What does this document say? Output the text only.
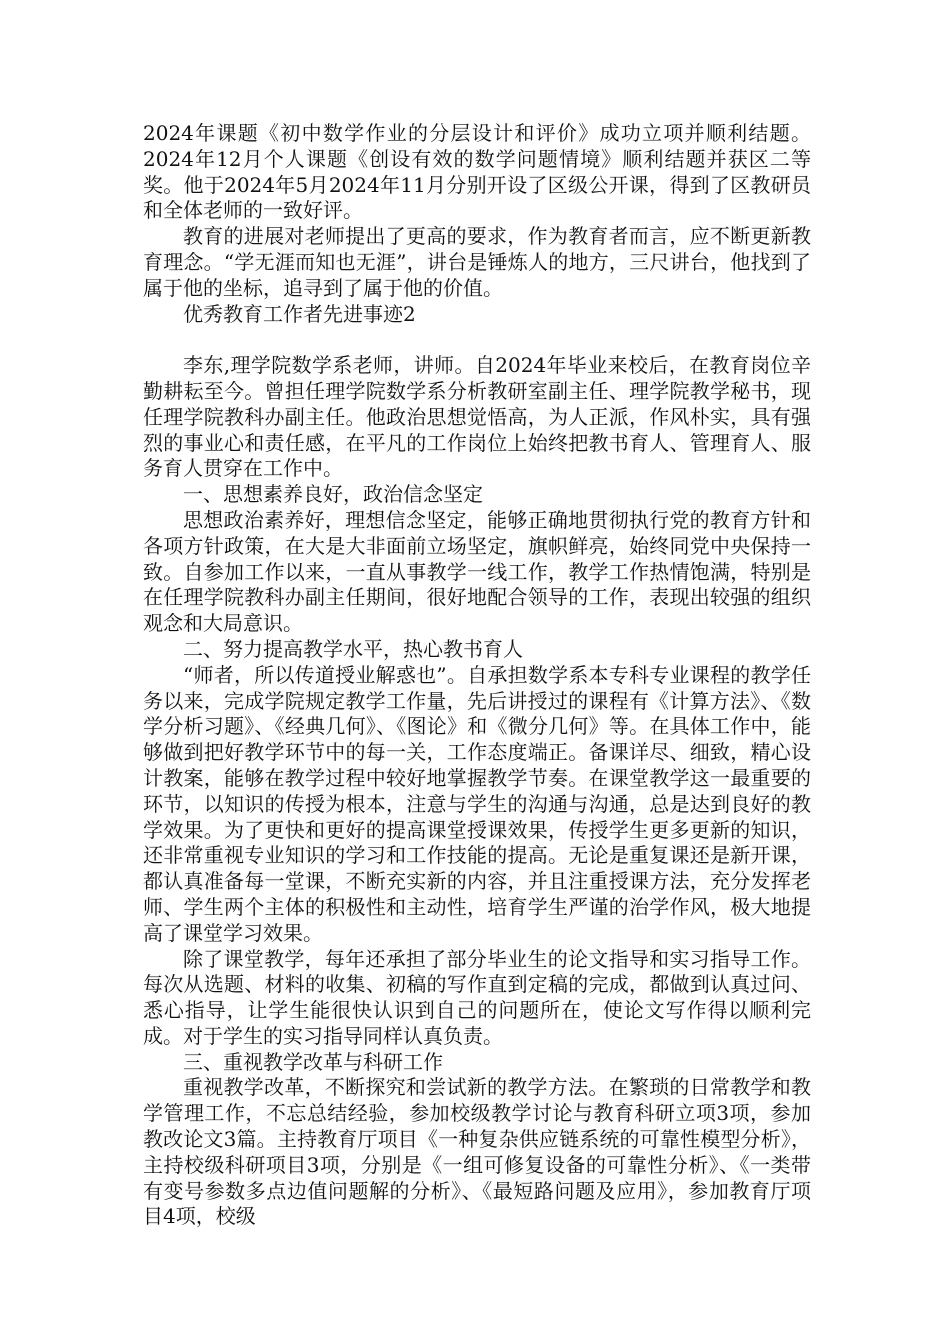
2024年课题《初中数学作业的分层设计和评价》成功立项并顺利结题。2024年12月个人课题《创设有效的数学问题情境》顺利结题并获区二等奖。他于2024年5月2024年11月分别开设了区级公开课，得到了区教研员和全体老师的一致好评。

教育的进展对老师提出了更高的要求，作为教育者而言，应不断更新教育理念。“学无涯而知也无涯”，讲台是锤炼人的地方，三尺讲台，他找到了属于他的坐标，追寻到了属于他的价值。

优秀教育工作者先进事迹2

李东,理学院数学系老师，讲师。自2024年毕业来校后，在教育岗位辛勤耕耘至今。曾担任理学院数学系分析教研室副主任、理学院教学秘书，现任理学院教科办副主任。他政治思想觉悟高，为人正派，作风朴实，具有强烈的事业心和责任感，在平凡的工作岗位上始终把教书育人、管理育人、服务育人贯穿在工作中。

一、思想素养良好，政治信念坚定

思想政治素养好，理想信念坚定，能够正确地贯彻执行党的教育方针和各项方针政策，在大是大非面前立场坚定，旗帜鲜亮，始终同党中央保持一致。自参加工作以来，一直从事教学一线工作，教学工作热情饱满，特别是在任理学院教科办副主任期间，很好地配合领导的工作，表现出较强的组织观念和大局意识。

二、努力提高教学水平，热心教书育人

“师者，所以传道授业解惑也”。自承担数学系本专科专业课程的教学任务以来，完成学院规定教学工作量，先后讲授过的课程有《计算方法》、《数学分析习题》、《经典几何》、《图论》和《微分几何》等。在具体工作中，能够做到把好教学环节中的每一关，工作态度端正。备课详尽、细致，精心设计教案，能够在教学过程中较好地掌握教学节奏。在课堂教学这一最重要的环节，以知识的传授为根本，注意与学生的沟通与沟通，总是达到良好的教学效果。为了更快和更好的提高课堂授课效果，传授学生更多更新的知识，还非常重视专业知识的学习和工作技能的提高。无论是重复课还是新开课，都认真准备每一堂课，不断充实新的内容，并且注重授课方法，充分发挥老师、学生两个主体的积极性和主动性，培育学生严谨的治学作风，极大地提高了课堂学习效果。

除了课堂教学，每年还承担了部分毕业生的论文指导和实习指导工作。每次从选题、材料的收集、初稿的写作直到定稿的完成，都做到认真过问、悉心指导，让学生能很快认识到自己的问题所在，使论文写作得以顺利完成。对于学生的实习指导同样认真负责。

三、重视教学改革与科研工作

重视教学改革，不断探究和尝试新的教学方法。在繁琐的日常教学和教学管理工作，不忘总结经验，参加校级教学讨论与教育科研立项3项，参加教改论文3篇。主持教育厅项目《一种复杂供应链系统的可靠性模型分析》，主持校级科研项目3项，分别是《一组可修复设备的可靠性分析》、《一类带有变号参数多点边值问题解的分析》、《最短路问题及应用》，参加教育厅项目4项，校级
